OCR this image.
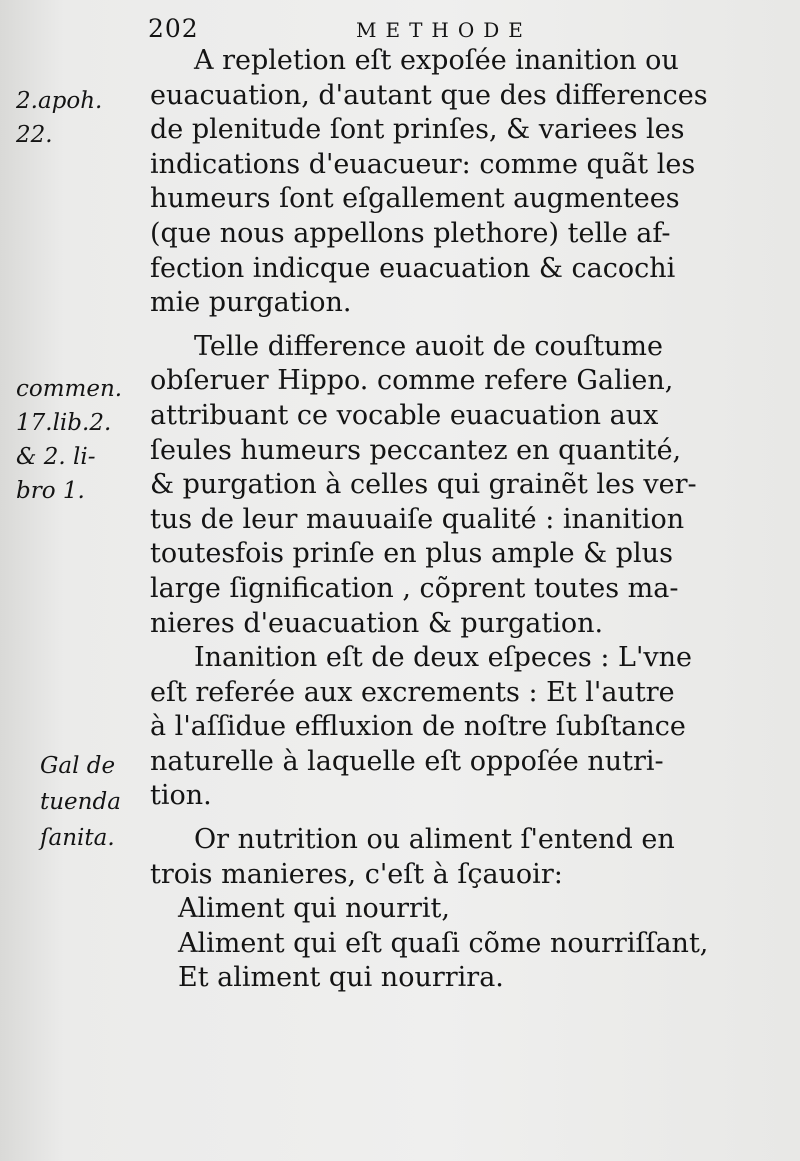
202	METHODE
2.apoh.
22.
commen.
17.lib.2.
& 2. li-
bro 1.
Gal de
tuenda
ſanita.
A repletion eſt expoſée inanition ou
euacuation, d'autant que des differences
de plenitude ſont prinſes, & variees les
indications d'euacueur: comme quãt les
humeurs ſont eſgallement augmentees
(que nous appellons plethore) telle af-
fection indicque euacuation & cacochi
mie purgation.
Telle difference auoit de couſtume
obſeruer Hippo. comme refere Galien,
attribuant ce vocable euacuation aux
ſeules humeurs peccantez en quantité,
& purgation à celles qui grainẽt les ver-
tus de leur mauuaiſe qualité : inanition
toutesfois prinſe en plus ample & plus
large ſignification , cõprent toutes ma-
nieres d'euacuation & purgation.
Inanition eſt de deux eſpeces : L'vne
eſt referée aux excrements : Et l'autre
à l'aſſidue effluxion de noſtre ſubſtance
naturelle à laquelle eſt oppoſée nutri-
tion.
Or nutrition ou aliment ſ'entend en
trois manieres, c'eſt à ſçauoir:
Aliment qui nourrit,
Aliment qui eſt quaſi cõme nourriſſant,
Et aliment qui nourrira.
